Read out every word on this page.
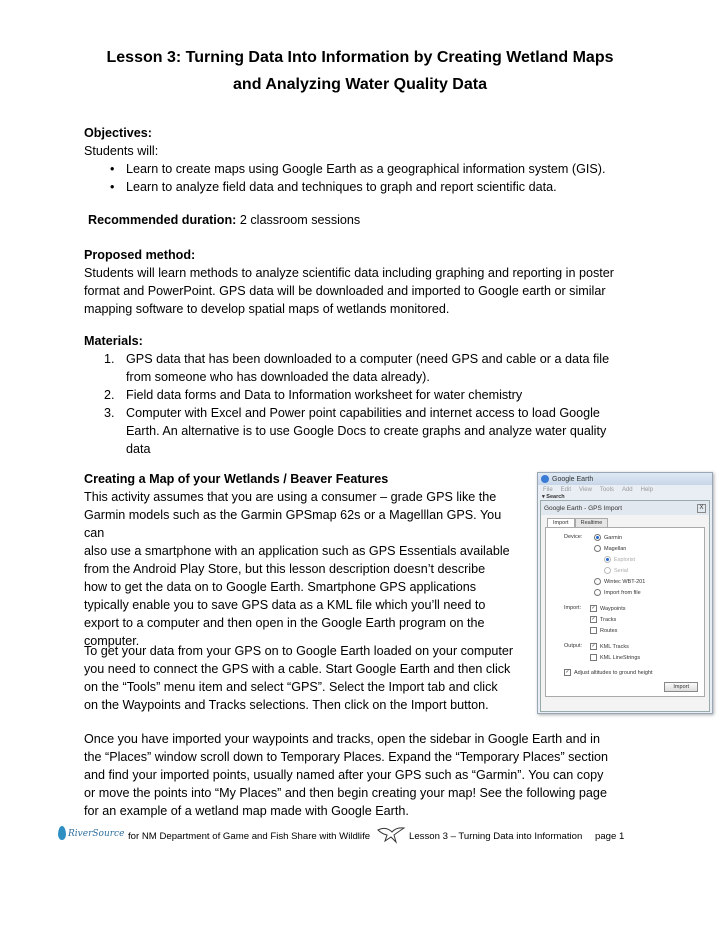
Lesson 3: Turning Data Into Information by Creating Wetland Maps
and Analyzing Water Quality Data
Objectives:
Students will:
• Learn to create maps using Google Earth as a geographical information system (GIS).
• Learn to analyze field data and techniques to graph and report scientific data.
Recommended duration: 2 classroom sessions
Proposed method:
Students will learn methods to analyze scientific data including graphing and reporting in poster
format and PowerPoint. GPS data will be downloaded and imported to Google earth or similar
mapping software to develop spatial maps of wetlands monitored.
Materials:
1. GPS data that has been downloaded to a computer (need GPS and cable or a data file
from someone who has downloaded the data already).
2. Field data forms and Data to Information worksheet for water chemistry
3. Computer with Excel and Power point capabilities and internet access to load Google
Earth. An alternative is to use Google Docs to create graphs and analyze water quality
data
Creating a Map of your Wetlands / Beaver Features
This activity assumes that you are using a consumer – grade GPS like the
Garmin models such as the Garmin GPSmap 62s or a Magelllan GPS. You can
also use a smartphone with an application such as GPS Essentials available
from the Android Play Store, but this lesson description doesn’t describe
how to get the data on to Google Earth. Smartphone GPS applications
typically enable you to save GPS data as a KML file which you’ll need to
export to a computer and then open in the Google Earth program on the
computer.
To get your data from your GPS on to Google Earth loaded on your computer
you need to connect the GPS with a cable. Start Google Earth and then click
on the “Tools” menu item and select “GPS”. Select the Import tab and click
on the Waypoints and Tracks selections. Then click on the Import button.
Once you have imported your waypoints and tracks, open the sidebar in Google Earth and in
the “Places” window scroll down to Temporary Places. Expand the “Temporary Places” section
and find your imported points, usually named after your GPS such as “Garmin”. You can copy
or move the points into “My Places” and then begin creating your map! See the following page
for an example of a wetland map made with Google Earth.
Google Earth
File Edit View Tools Add Help
▾ Search
Google Earth - GPS Import	X
Import	Realtime
Device:	Garmin
Magellan
Explorist
Serial
Wintec WBT-201
Import from file
Import: ✓ Waypoints
✓ Tracks
Routes
Output: ✓ KML Tracks
KML LineStrings
✓ Adjust altitudes to ground height
Import
RiverSource for NM Department of Game and Fish Share with Wildlife	Lesson 3 – Turning Data into Information page 1
